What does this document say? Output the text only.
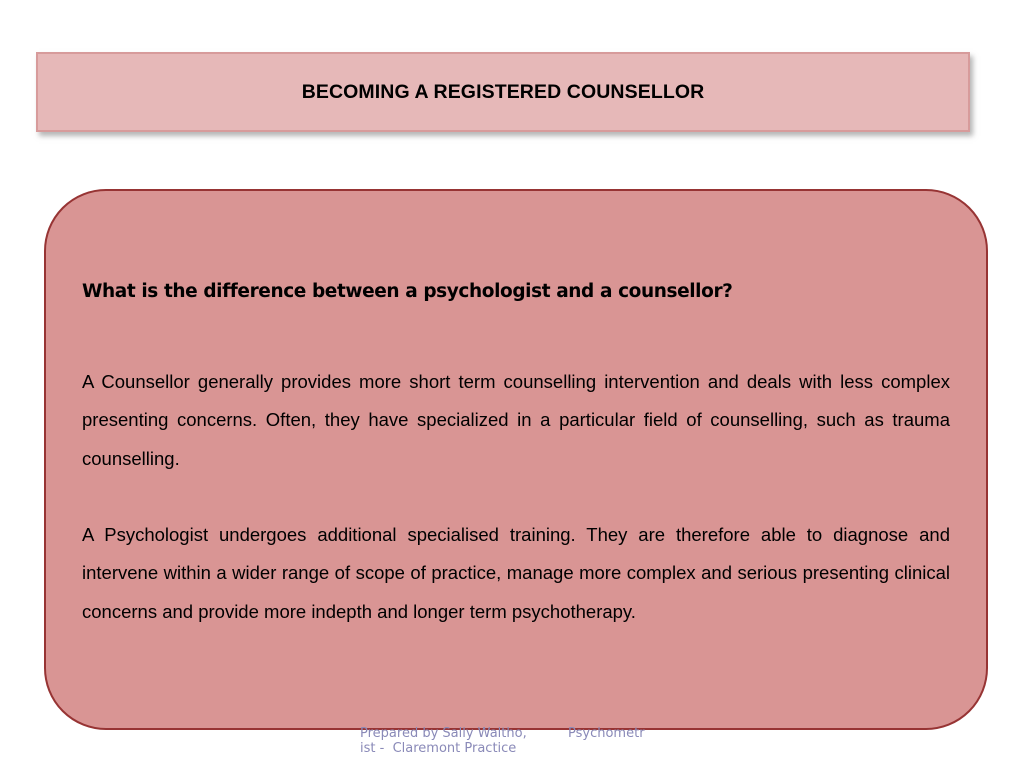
BECOMING A REGISTERED COUNSELLOR
What is the difference between a psychologist and a counsellor?
A Counsellor generally provides more short term counselling intervention and deals with less complex presenting concerns. Often, they have specialized in a particular field of counselling, such as trauma counselling.
A Psychologist undergoes additional specialised training. They are therefore able to diagnose and intervene within a wider range of scope of practice, manage more complex and serious presenting clinical concerns and provide more indepth and longer term psychotherapy.
Prepared by Sally Waltho,          Psychometr
ist -  Claremont Practice
